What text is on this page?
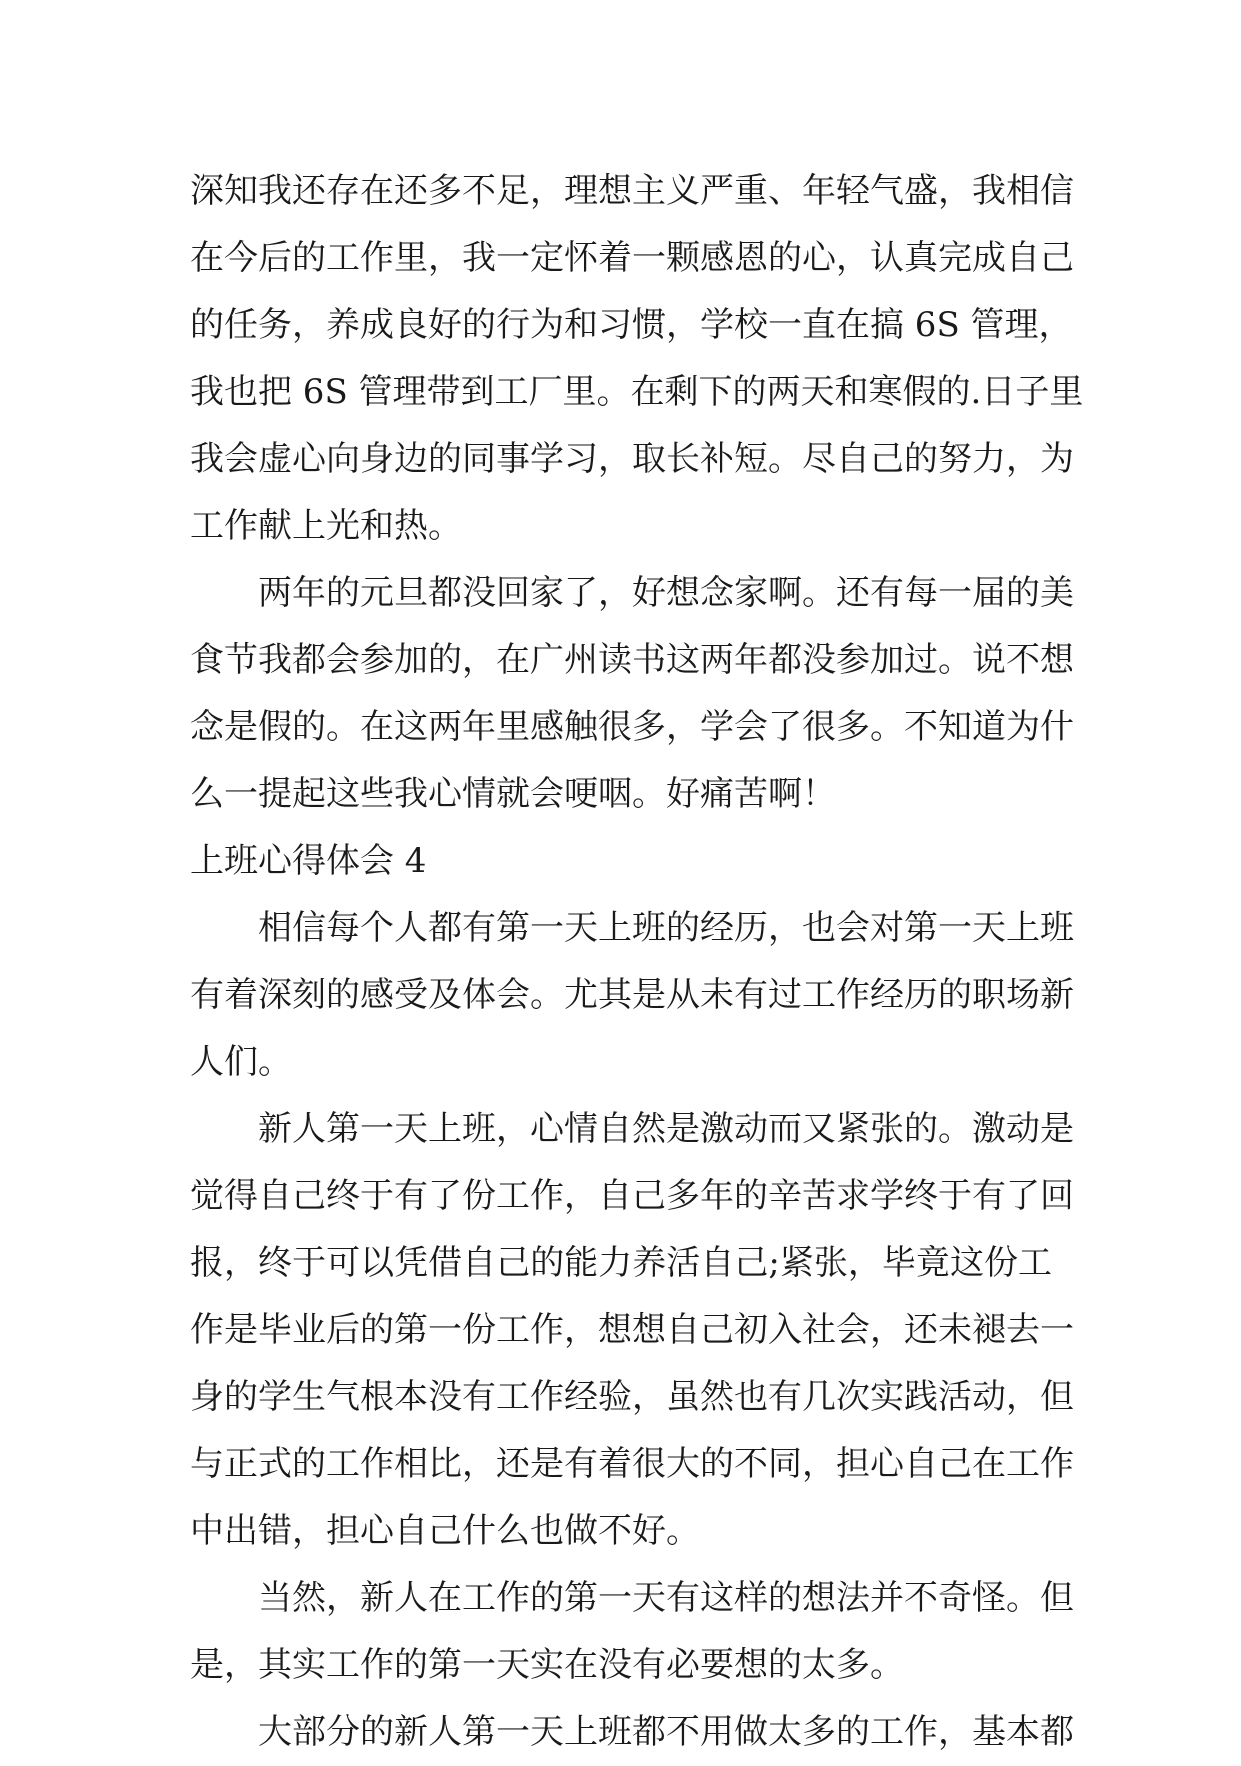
深知我还存在还多不足，理想主义严重、年轻气盛，我相信
在今后的工作里，我一定怀着一颗感恩的心，认真完成自己
的任务，养成良好的行为和习惯，学校一直在搞 6S 管理，
我也把 6S 管理带到工厂里。在剩下的两天和寒假的.日子里
我会虚心向身边的同事学习，取长补短。尽自己的努力，为
工作献上光和热。
两年的元旦都没回家了，好想念家啊。还有每一届的美
食节我都会参加的，在广州读书这两年都没参加过。说不想
念是假的。在这两年里感触很多，学会了很多。不知道为什
么一提起这些我心情就会哽咽。好痛苦啊！
上班心得体会 4
相信每个人都有第一天上班的经历，也会对第一天上班
有着深刻的感受及体会。尤其是从未有过工作经历的职场新
人们。
新人第一天上班，心情自然是激动而又紧张的。激动是
觉得自己终于有了份工作，自己多年的辛苦求学终于有了回
报，终于可以凭借自己的能力养活自己;紧张，毕竟这份工
作是毕业后的第一份工作，想想自己初入社会，还未褪去一
身的学生气根本没有工作经验，虽然也有几次实践活动，但
与正式的工作相比，还是有着很大的不同，担心自己在工作
中出错，担心自己什么也做不好。
当然，新人在工作的第一天有这样的想法并不奇怪。但
是，其实工作的第一天实在没有必要想的太多。
大部分的新人第一天上班都不用做太多的工作，基本都
